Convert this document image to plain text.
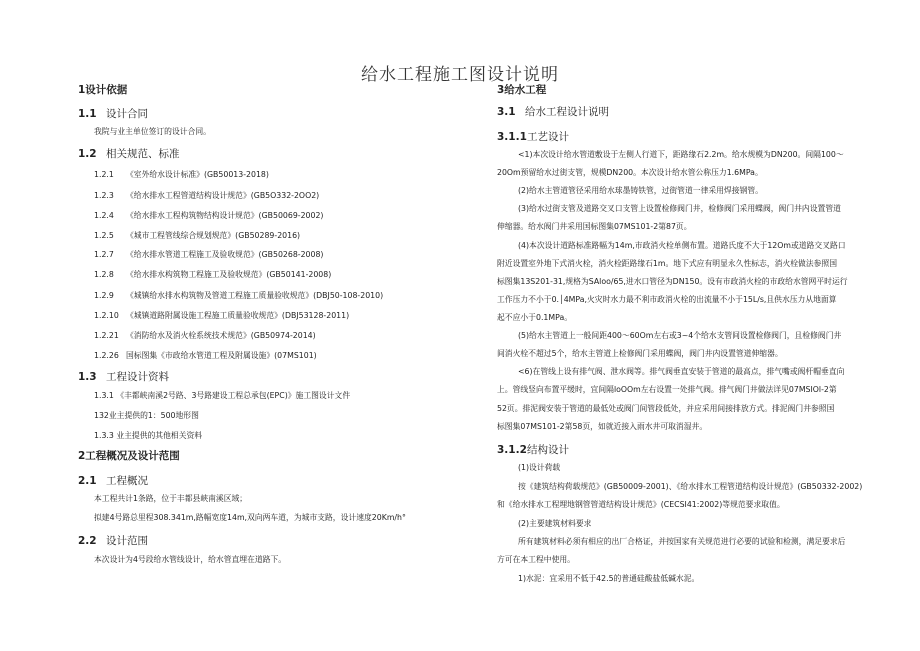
给水工程施工图设计说明
1设计依据
1.1 设计合同
我院与业主单位签订的设计合同。
1.2 相关规范、标准
1.2.1 《室外给水设计标准》(GB50013-2018)
1.2.3 《给水排水工程管道结构设计规范》(GB5O332-2OO2)
1.2.4 《给水排水工程构筑物结构设计规范》(GB50069-2002)
1.2.5 《城市工程管线综合规划规范》(GB50289-2016)
1.2.7 《给水排水管道工程施工及验收规范》(GB50268-2008)
1.2.8 《给水排水构筑物工程施工及验收规范》(GB50141-2008)
1.2.9 《城镇给水排水构筑物及管道工程施工质量验收规范》(DBJ50-108-2010)
1.2.10 《城镇道路附属设施工程施工质量验收规范》(DBJ53128-2011)
1.2.21 《消防给水及消火栓系统技术规范》(GB50974-2014)
1.2.26 国标图集《市政给水管道工程及附属设施》(07MS101)
1.3 工程设计资料
1.3.1 《丰都峡南溪2号路、3号路建设工程总承包(EPC)》施工图设计文件
132业主提供的1：500地形图
1.3.3 业主提供的其他相关资料
2工程概况及设计范围
2.1 工程概况
本工程共计1条路，位于丰都县峡南溪区域；
拟建4号路总里程308.341m,路幅宽度14m,双向两车道，为城市支路，设计速度20Km/h°
2.2 设计范围
本次设计为4号段给水管线设计，给水管直埋在道路下。
3给水工程
3.1 给水工程设计说明
3.1.1工艺设计
<1)本次设计给水管道敷设于左侧人行道下，距路缘石2.2m。给水规模为DN200。间隔100～
20Om预留给水过街支管，规模DN200。本次设计给水管公称压力1.6MPa。
(2)给水主管道管径采用给水球墨铸铁管，过街管道一律采用焊接钢管。
(3)给水过街支管及道路交叉口支管上设置检修阀门井，检修阀门采用蝶阀，阀门井内设置管道
伸缩器。给水阀门井采用国标图集07MS101-2第87页。
(4)本次设计道路标准路幅为14m,市政消火栓单侧布置。道路氏度不大于12Om或道路交叉路口
附近设置室外地下式消火栓，消火栓距路缘石1m。地下式应有明显永久性标志，消火栓做法参照国
标图集13S201-31,规格为SAloo/65,进水口管径为DN150。设有市政消火栓的市政给水管网平时运行
工作压力不小于0.│4MPa,火灾时水力最不利市政消火栓的出流量不小于15L/s,且供水压力从地面算
起不应小于0.1MPa。
(5)给水主管道上一般间距400～60Om左右或3~4个给水支管间设置检修阀门，且检修阀门井
间消火栓不超过5个，给水主管道上检修阀门采用蝶阀，阀门井内设置管道伸缩器。
<6)在管线上设有排气阀、泄水阀等。排气阀垂直安装于管道的最高点，排气嘴或阀杆帽垂直向
上。管线竖向布置平缓时，宜间隔loOOm左右设置一处排气阀。排气阀门井做法详见07MSIOl-2第
52页。排泥阀安装于管道的最低处或阀门间管段低处，并应采用间接排放方式。排泥阀门井参照国
标图集07MS101-2第58页，如就近接入雨水井可取消湿井。
3.1.2结构设计
(1)设计荷载
按《建筑结构荷载规范》(GB50009-2001)、《给水排水工程管道结构设计规范》(GB50332-2002)
和《给水排水工程埋地钢管管道结构设计规范》(CECSI41:2002)等规范要求取值。
(2)主要建筑材料要求
所有建筑材料必须有相应的出厂合格证，并按国家有关规范进行必要的试验和检测，满足要求后
方可在本工程中使用。
1)水泥：宜采用不低于42.5的普通硅酸盐低碱水泥。
